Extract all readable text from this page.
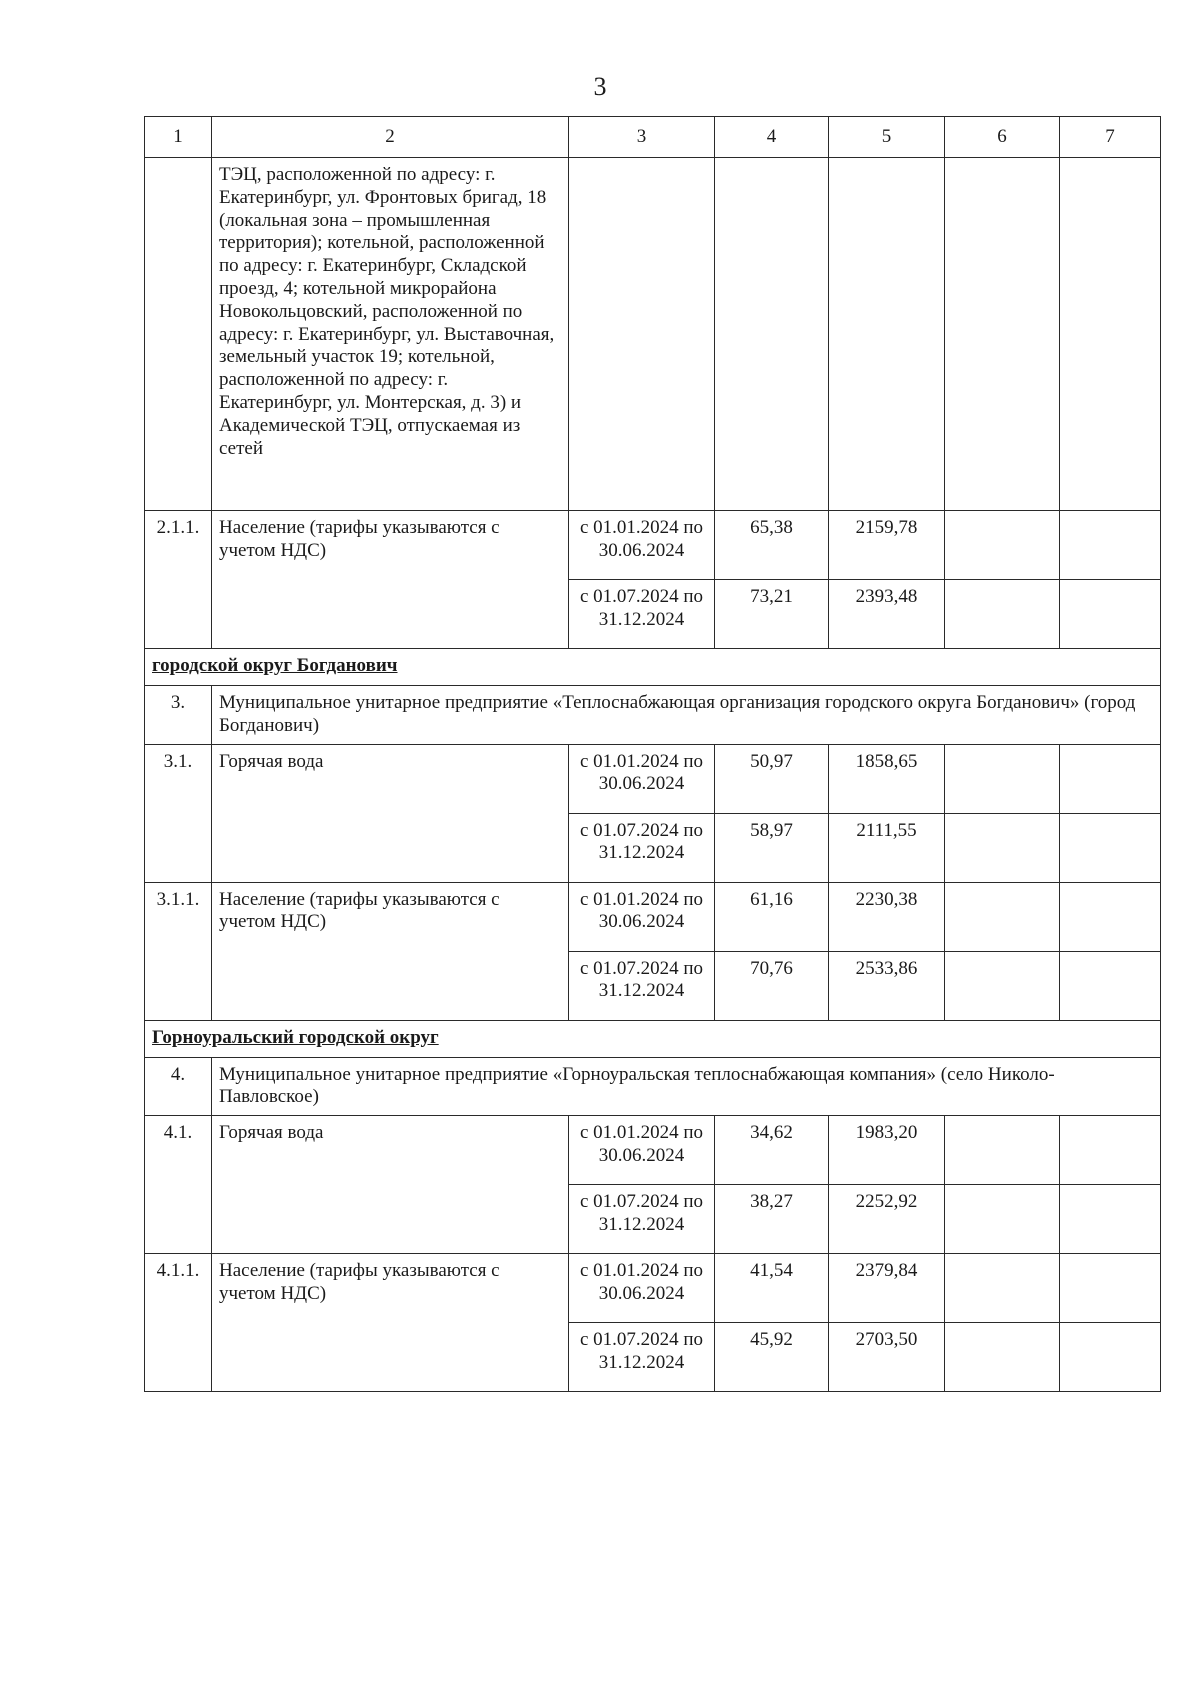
3
1	2	3	4	5	6	7
	ТЭЦ, расположенной по адресу: г. Екатеринбург, ул. Фронтовых бригад, 18 (локальная зона – промышленная территория); котельной, расположенной по адресу: г. Екатеринбург, Складской проезд, 4; котельной микрорайона Новокольцовский, расположенной по адресу: г. Екатеринбург, ул. Выставочная, земельный участок 19; котельной, расположенной по адресу: г. Екатеринбург, ул. Монтерская, д. 3) и Академической ТЭЦ, отпускаемая из сетей					
2.1.1.	Население (тарифы указываются с учетом НДС)	с 01.01.2024 по 30.06.2024	65,38	2159,78		
		с 01.07.2024 по 31.12.2024	73,21	2393,48		
городской округ Богданович						
3.	Муниципальное унитарное предприятие «Теплоснабжающая организация городского округа Богданович» (город Богданович)					
3.1.	Горячая вода	с 01.01.2024 по 30.06.2024	50,97	1858,65		
		с 01.07.2024 по 31.12.2024	58,97	2111,55		
3.1.1.	Население (тарифы указываются с учетом НДС)	с 01.01.2024 по 30.06.2024	61,16	2230,38		
		с 01.07.2024 по 31.12.2024	70,76	2533,86		
Горноуральский городской округ						
4.	Муниципальное унитарное предприятие «Горноуральская теплоснабжающая компания» (село Николо-Павловское)					
4.1.	Горячая вода	с 01.01.2024 по 30.06.2024	34,62	1983,20		
		с 01.07.2024 по 31.12.2024	38,27	2252,92		
4.1.1.	Население (тарифы указываются с учетом НДС)	с 01.01.2024 по 30.06.2024	41,54	2379,84		
		с 01.07.2024 по 31.12.2024	45,92	2703,50		
